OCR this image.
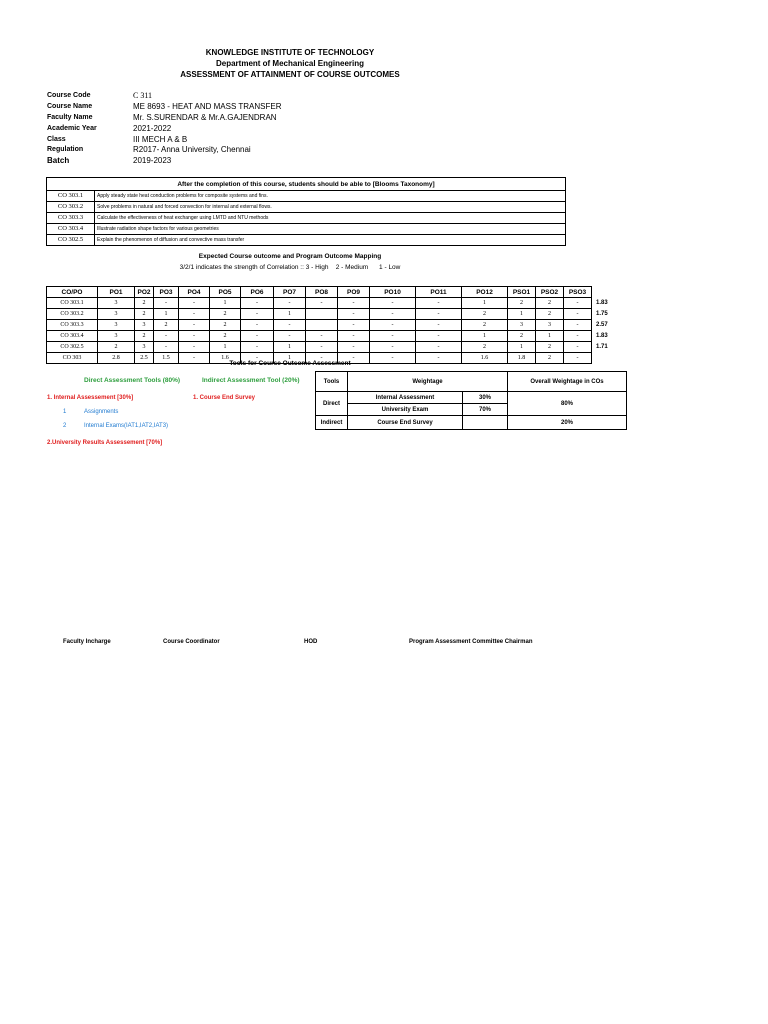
KNOWLEDGE INSTITUTE OF TECHNOLOGY
Department of Mechanical Engineering
ASSESSMENT OF ATTAINMENT OF COURSE OUTCOMES
Course Code	C 311
Course Name	ME 8693 - HEAT AND MASS TRANSFER
Faculty Name	Mr. S.SURENDAR & Mr.A.GAJENDRAN
Academic Year	2021-2022
Class	III MECH A & B
Regulation	R2017- Anna University, Chennai
Batch	2019-2023
After the completion of this course, students should be able to [Blooms Taxonomy]	
CO 303.1	Apply steady state heat conduction problems for composite systems and fins.
CO 303.2	Solve problems in natural and forced convection for internal and external flows.
CO 303.3	Calculate the effectiveness of heat exchanger using LMTD and NTU methods
CO 303.4	Illustrate radiation shape factors for various geometries
CO 302.5	Explain the phenomenon of diffusion and convective mass transfer
Expected Course outcome and Program Outcome Mapping
3/2/1 indicates the strength of Correlation :: 3 - High    2 - Medium      1 - Low
CO/PO	PO1	PO2	PO3	PO4	PO5	PO6	PO7	PO8	PO9	PO10	PO11	PO12	PSO1	PSO2	PSO3	
CO 303.1	3	2	-	-	1	-	-	-	-	-	-	1	2	2	-	1.83
CO 303.2	3	2	1	-	2	-	1		-	-	-	2	1	2	-	1.75
CO 303.3	3	3	2	-	2	-	-		-	-	-	2	3	3	-	2.57
CO 303.4	3	2	-	-	2	-	-	-	-	-	-	1	2	1	-	1.83
CO 302.5	2	3	-	-	1	-	1	-	-	-	-	2	1	2	-	1.71
CO 303	2.8	2.5	1.5	-	1.6	-	1	-	-	-	-	1.6	1.8	2	-	
Tools for Course Outcome Assessment
Direct Assessment Tools (80%)	Indirect Assessment Tool (20%)
1. Internal Assessement [30%]	1. Course End Survey
1	Assignments
2	Internal Exams(IAT1,IAT2,IAT3)
2.University Results Assessement [70%]
Tools	Weightage		Overall Weightage in COs
Direct	Internal Assessment	30%	80%
	University Exam	70%	
Indirect	Course End Survey		20%
Faculty Incharge	Course Coordinator	HOD	Program Assessment Committee Chairman
